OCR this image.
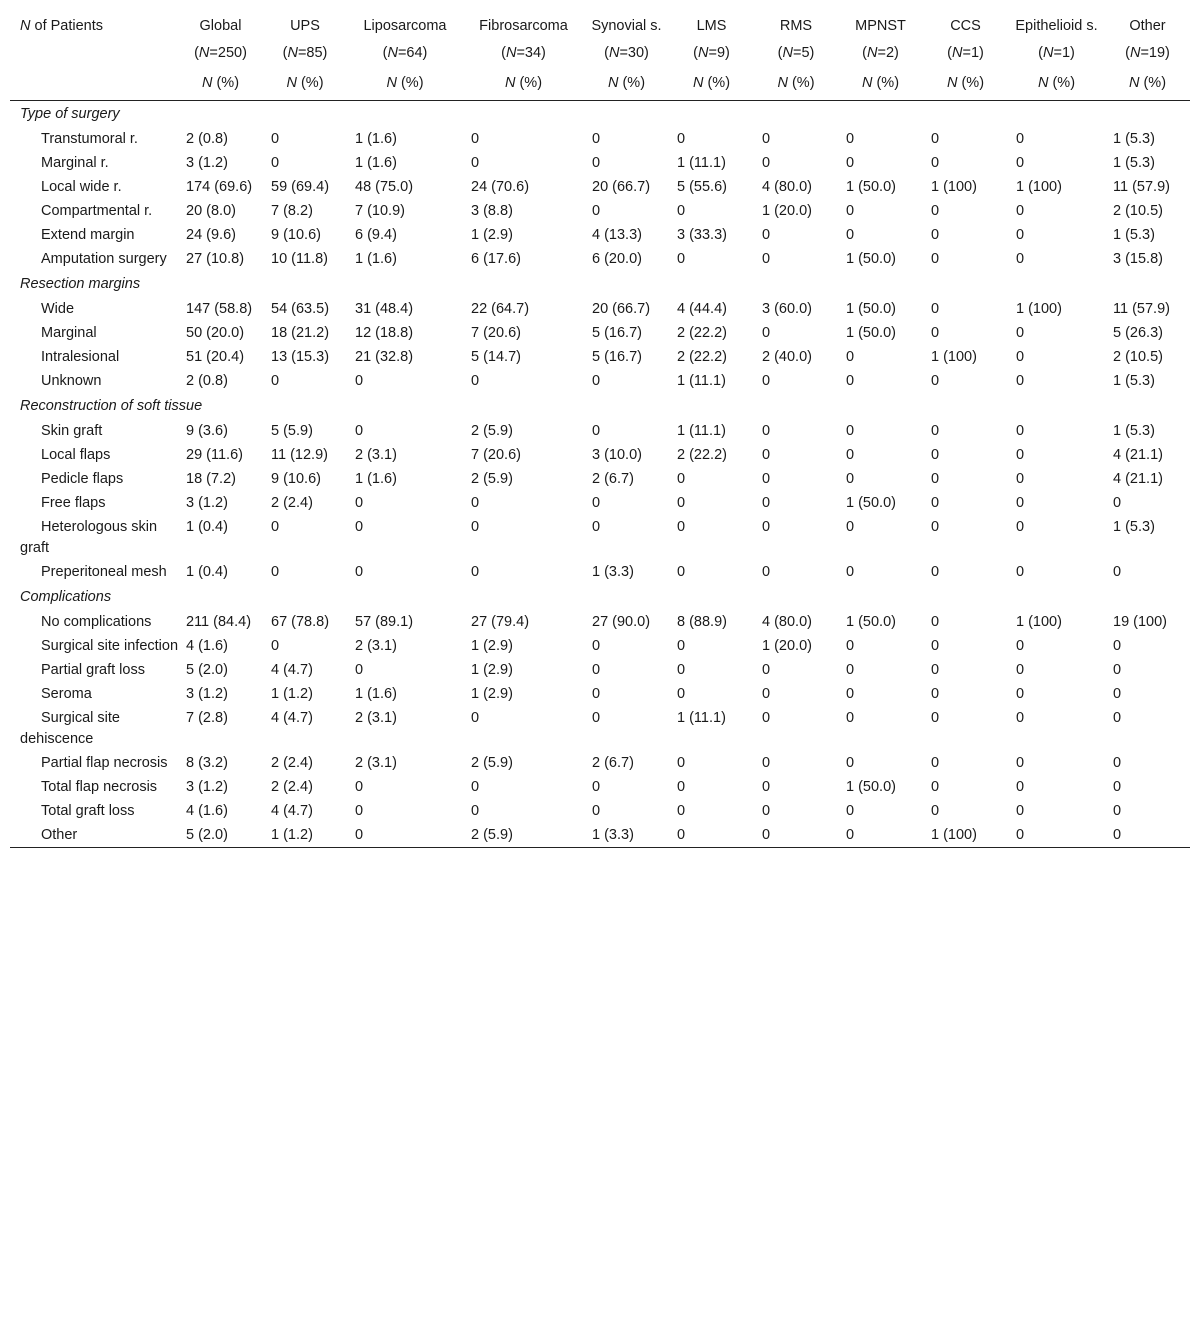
N of Patients	Global	UPS	Liposarcoma	Fibrosarcoma	Synovial s.	LMS	RMS	MPNST	CCS	Epithelioid s.	Other
	(N=250)	(N=85)	(N=64)	(N=34)	(N=30)	(N=9)	(N=5)	(N=2)	(N=1)	(N=1)	(N=19)
	N (%)	N (%)	N (%)	N (%)	N (%)	N (%)	N (%)	N (%)	N (%)	N (%)	N (%)
Type of surgery											
Transtumoral r.	2 (0.8)	0	1 (1.6)	0	0	0	0	0	0	0	1 (5.3)
Marginal r.	3 (1.2)	0	1 (1.6)	0	0	1 (11.1)	0	0	0	0	1 (5.3)
Local wide r.	174 (69.6)	59 (69.4)	48 (75.0)	24 (70.6)	20 (66.7)	5 (55.6)	4 (80.0)	1 (50.0)	1 (100)	1 (100)	11 (57.9)
Compartmental r.	20 (8.0)	7 (8.2)	7 (10.9)	3 (8.8)	0	0	1 (20.0)	0	0	0	2 (10.5)
Extend margin	24 (9.6)	9 (10.6)	6 (9.4)	1 (2.9)	4 (13.3)	3 (33.3)	0	0	0	0	1 (5.3)
Amputation surgery	27 (10.8)	10 (11.8)	1 (1.6)	6 (17.6)	6 (20.0)	0	0	1 (50.0)	0	0	3 (15.8)
Resection margins											
Wide	147 (58.8)	54 (63.5)	31 (48.4)	22 (64.7)	20 (66.7)	4 (44.4)	3 (60.0)	1 (50.0)	0	1 (100)	11 (57.9)
Marginal	50 (20.0)	18 (21.2)	12 (18.8)	7 (20.6)	5 (16.7)	2 (22.2)	0	1 (50.0)	0	0	5 (26.3)
Intralesional	51 (20.4)	13 (15.3)	21 (32.8)	5 (14.7)	5 (16.7)	2 (22.2)	2 (40.0)	0	1 (100)	0	2 (10.5)
Unknown	2 (0.8)	0	0	0	0	1 (11.1)	0	0	0	0	1 (5.3)
Reconstruction of soft tissue											
Skin graft	9 (3.6)	5 (5.9)	0	2 (5.9)	0	1 (11.1)	0	0	0	0	1 (5.3)
Local flaps	29 (11.6)	11 (12.9)	2 (3.1)	7 (20.6)	3 (10.0)	2 (22.2)	0	0	0	0	4 (21.1)
Pedicle flaps	18 (7.2)	9 (10.6)	1 (1.6)	2 (5.9)	2 (6.7)	0	0	0	0	0	4 (21.1)
Free flaps	3 (1.2)	2 (2.4)	0	0	0	0	0	1 (50.0)	0	0	0
Heterologous skin graft	1 (0.4)	0	0	0	0	0	0	0	0	0	1 (5.3)
Preperitoneal mesh	1 (0.4)	0	0	0	1 (3.3)	0	0	0	0	0	0
Complications											
No complications	211 (84.4)	67 (78.8)	57 (89.1)	27 (79.4)	27 (90.0)	8 (88.9)	4 (80.0)	1 (50.0)	0	1 (100)	19 (100)
Surgical site infection	4 (1.6)	0	2 (3.1)	1 (2.9)	0	0	1 (20.0)	0	0	0	0
Partial graft loss	5 (2.0)	4 (4.7)	0	1 (2.9)	0	0	0	0	0	0	0
Seroma	3 (1.2)	1 (1.2)	1 (1.6)	1 (2.9)	0	0	0	0	0	0	0
Surgical site dehiscence	7 (2.8)	4 (4.7)	2 (3.1)	0	0	1 (11.1)	0	0	0	0	0
Partial flap necrosis	8 (3.2)	2 (2.4)	2 (3.1)	2 (5.9)	2 (6.7)	0	0	0	0	0	0
Total flap necrosis	3 (1.2)	2 (2.4)	0	0	0	0	0	1 (50.0)	0	0	0
Total graft loss	4 (1.6)	4 (4.7)	0	0	0	0	0	0	0	0	0
Other	5 (2.0)	1 (1.2)	0	2 (5.9)	1 (3.3)	0	0	0	1 (100)	0	0
